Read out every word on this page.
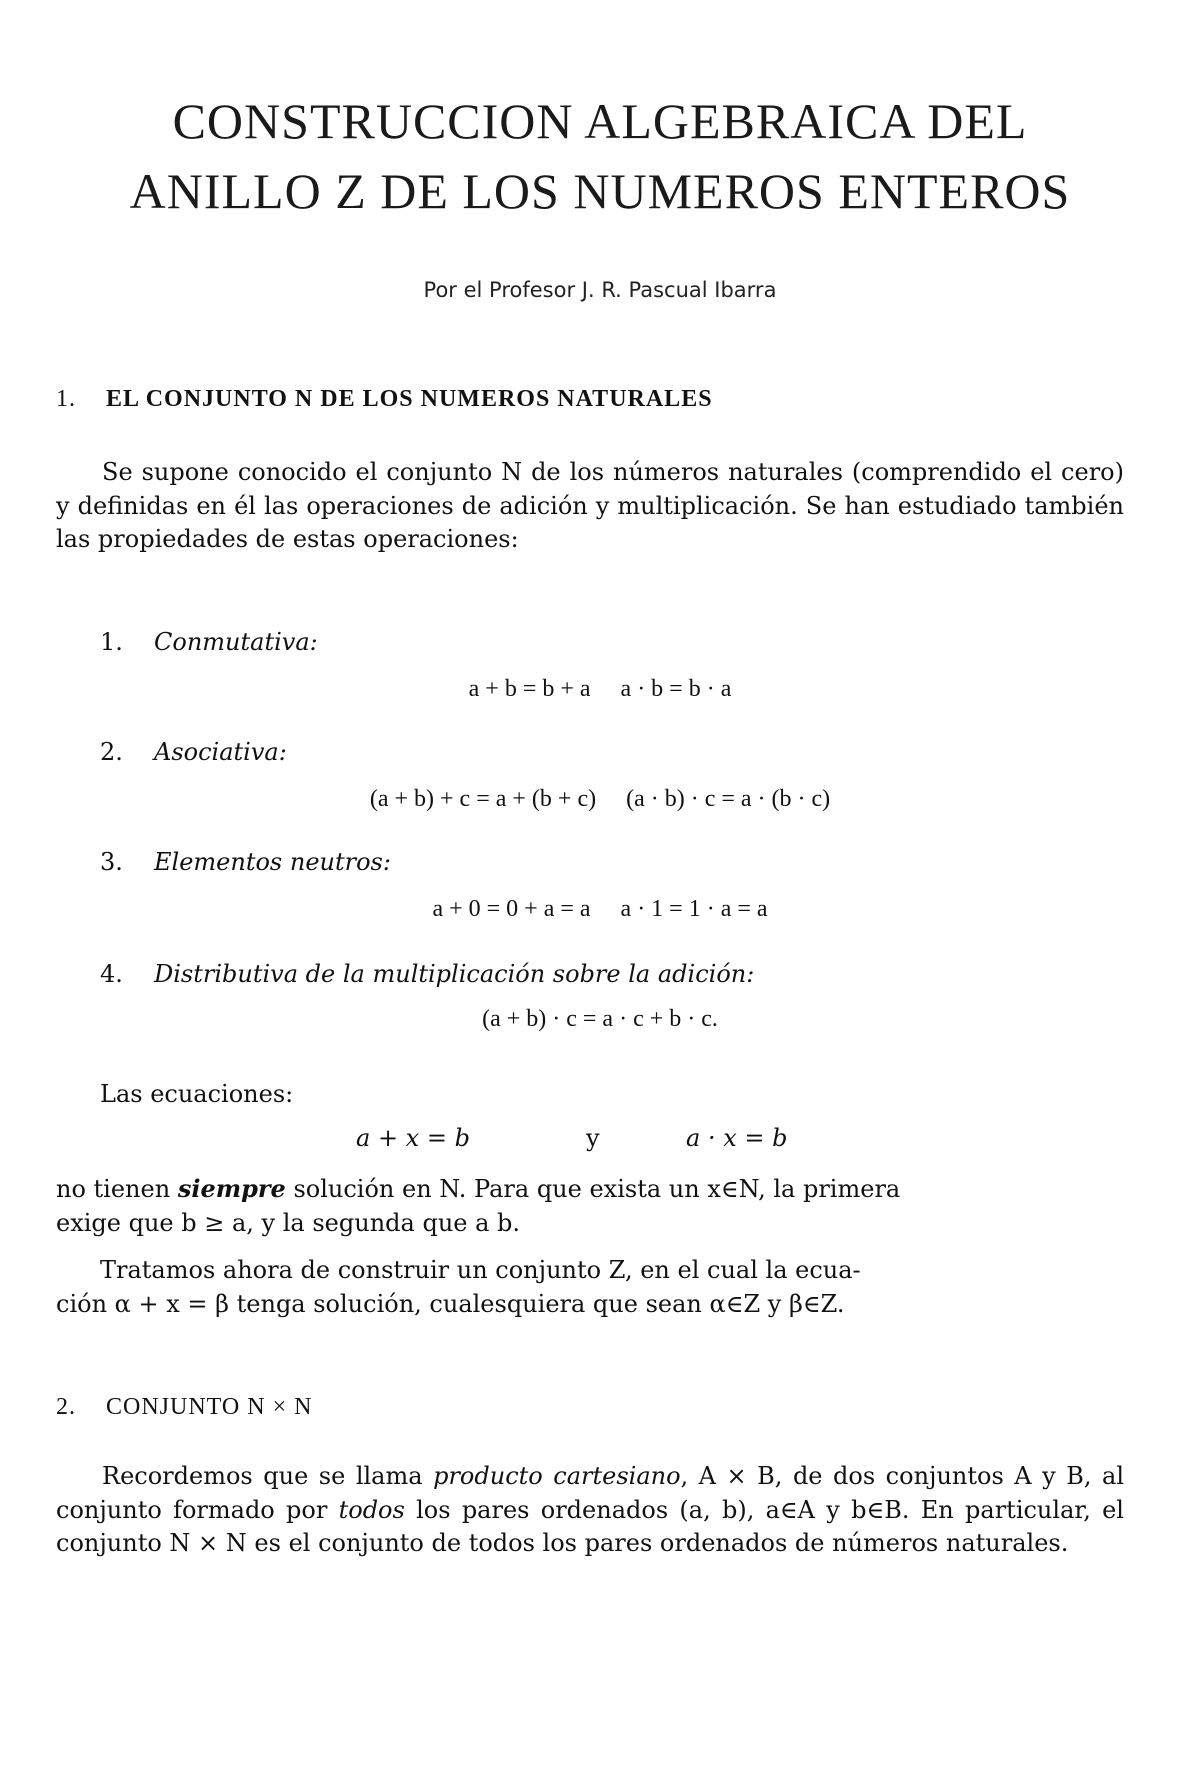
CONSTRUCCION ALGEBRAICA DEL
ANILLO Z DE LOS NUMEROS ENTEROS
Por el Profesor J. R. Pascual Ibarra
1. EL CONJUNTO N DE LOS NUMEROS NATURALES

Se supone conocido el conjunto N de los números naturales (comprendido el cero) y definidas en él las operaciones de adición y multiplicación. Se han estudiado también las propiedades de estas operaciones:

1. Conmutativa:
a + b = b + a     a · b = b · a
2. Asociativa:
(a + b) + c = a + (b + c)     (a · b) · c = a · (b · c)
3. Elementos neutros:
a + 0 = 0 + a = a     a · 1 = 1 · a = a
4. Distributiva de la multiplicación sobre la adición:
(a + b) · c = a · c + b · c.
Las ecuaciones:
a + x = b	y	a · x = b

no tienen siempre solución en N. Para que exista un x∈N, la primera
exige que b ≥ a, y la segunda que a b.

Tratamos ahora de construir un conjunto Z, en el cual la ecua-
ción α + x = β tenga solución, cualesquiera que sean α∈Z y β∈Z.
2. CONJUNTO N × N

Recordemos que se llama producto cartesiano, A × B, de dos conjuntos A y B, al conjunto formado por todos los pares ordenados (a, b), a∈A y b∈B. En particular, el conjunto N × N es el conjunto de todos los pares ordenados de números naturales.
